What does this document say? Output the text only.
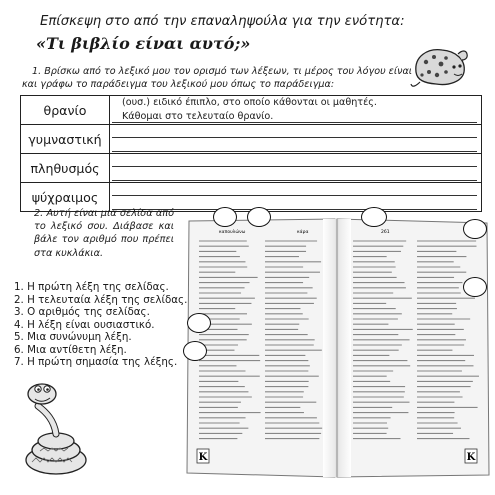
Επίσκεψη στο από την επαναληψούλα για την ενότητα:
«Τι βιβλίο είναι αυτό;»
1. Βρίσκω από το λεξικό μου τον ορισμό των λέξεων, τι μέρος του λόγου είναι και γράφω το παράδειγμα του λεξικού μου όπως το παράδειγμα:
θρανίο	(ουσ.) ειδικό έπιπλο, στο οποίο κάθονται οι μαθητές.
Κάθομαι στο τελευταίο θρανίο.

γυμναστική	

πληθυσμός	

ψύχραιμος	
2. Αυτή είναι μια σελίδα από το λεξικό σου. Διάβασε και βάλε τον αριθμό που πρέπει στα κυκλάκια.
1. Η πρώτη λέξη της σελίδας.
2. Η τελευταία λέξη της σελίδας.
3. Ο αριθμός της σελίδας.
4. Η λέξη είναι ουσιαστικό.
5. Μια συνώνυμη λέξη.
6. Μια αντίθετη λέξη.
7. Η πρώτη σημασία της λέξης.
Κ	Κ
καπουλώνω	κάρα	261
